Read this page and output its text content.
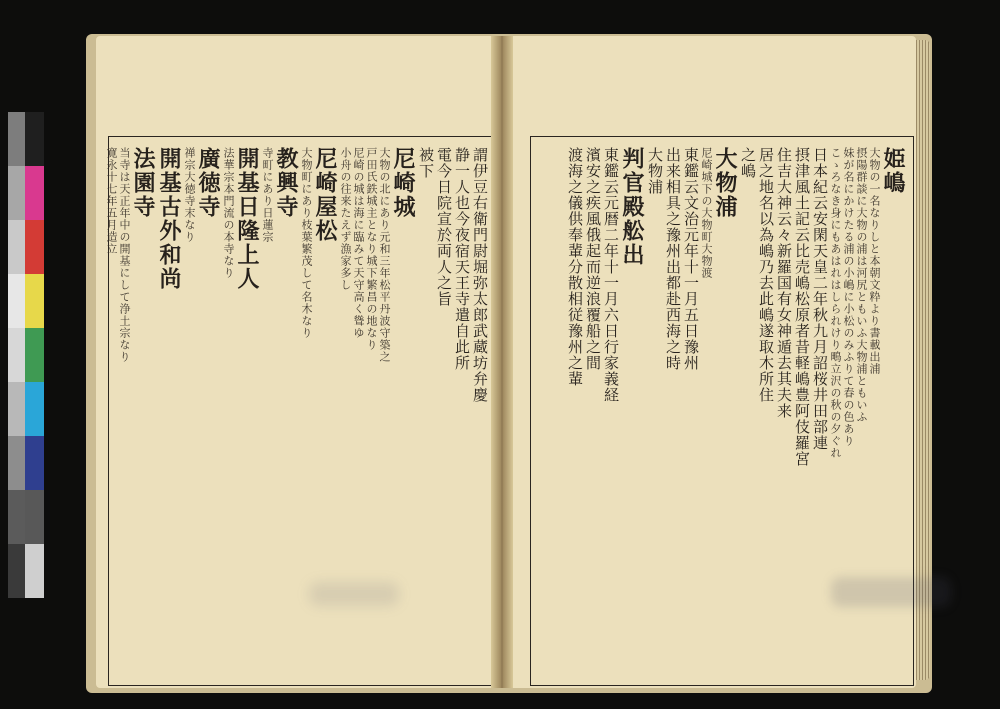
謂伊豆右衛門尉堀弥太郎武蔵坊弁慶
静一人也今夜宿天王寺遣自此所
電今日院宣於両人之旨
被下
尼崎城
大物の北にあり元和三年松平丹波守築之
戸田氏鉄城主となり城下繁昌の地なり
尼崎の城は海に臨みて天守高く聳ゆ
小舟の往来たえず漁家多し
尼崎屋松
大物町にあり枝葉繁茂して名木なり
教興寺
寺町にあり日蓮宗
開基日隆上人
法華宗本門流の本寺なり
廣徳寺
禅宗大徳寺末なり
開基古外和尚
法園寺
当寺は天正年中の開基にして浄土宗なり
寛永十七年五月造立	姫嶋
大物の一名なりしと本朝文粋より書載出浦
摂陽群談に大物の浦は河尻ともいふ大物浦ともいふ
妹が名にかけたる浦の小嶋に小松のみふりて春の色あり
こゝろなき身にもあはれはしられけり鴫立沢の秋の夕ぐれ
日本紀云安閑天皇二年秋九月詔桜井田部連
摂津風土記云比売嶋松原者昔軽嶋豊阿伎羅宮
住吉大神云々新羅国有女神遁去其夫来
居之地名以為嶋乃去此嶋遂取木所住
之嶋
大物浦
尼崎城下の大物町大物渡
東鑑云文治元年十一月五日豫州
出来相具之豫州出都赴西海之時
大物浦
判官殿舩出
東鑑云元暦二年十一月六日行家義経
濱安之疾風俄起而逆浪覆船之間
渡海之儀供奉輩分散相従豫州之輩
